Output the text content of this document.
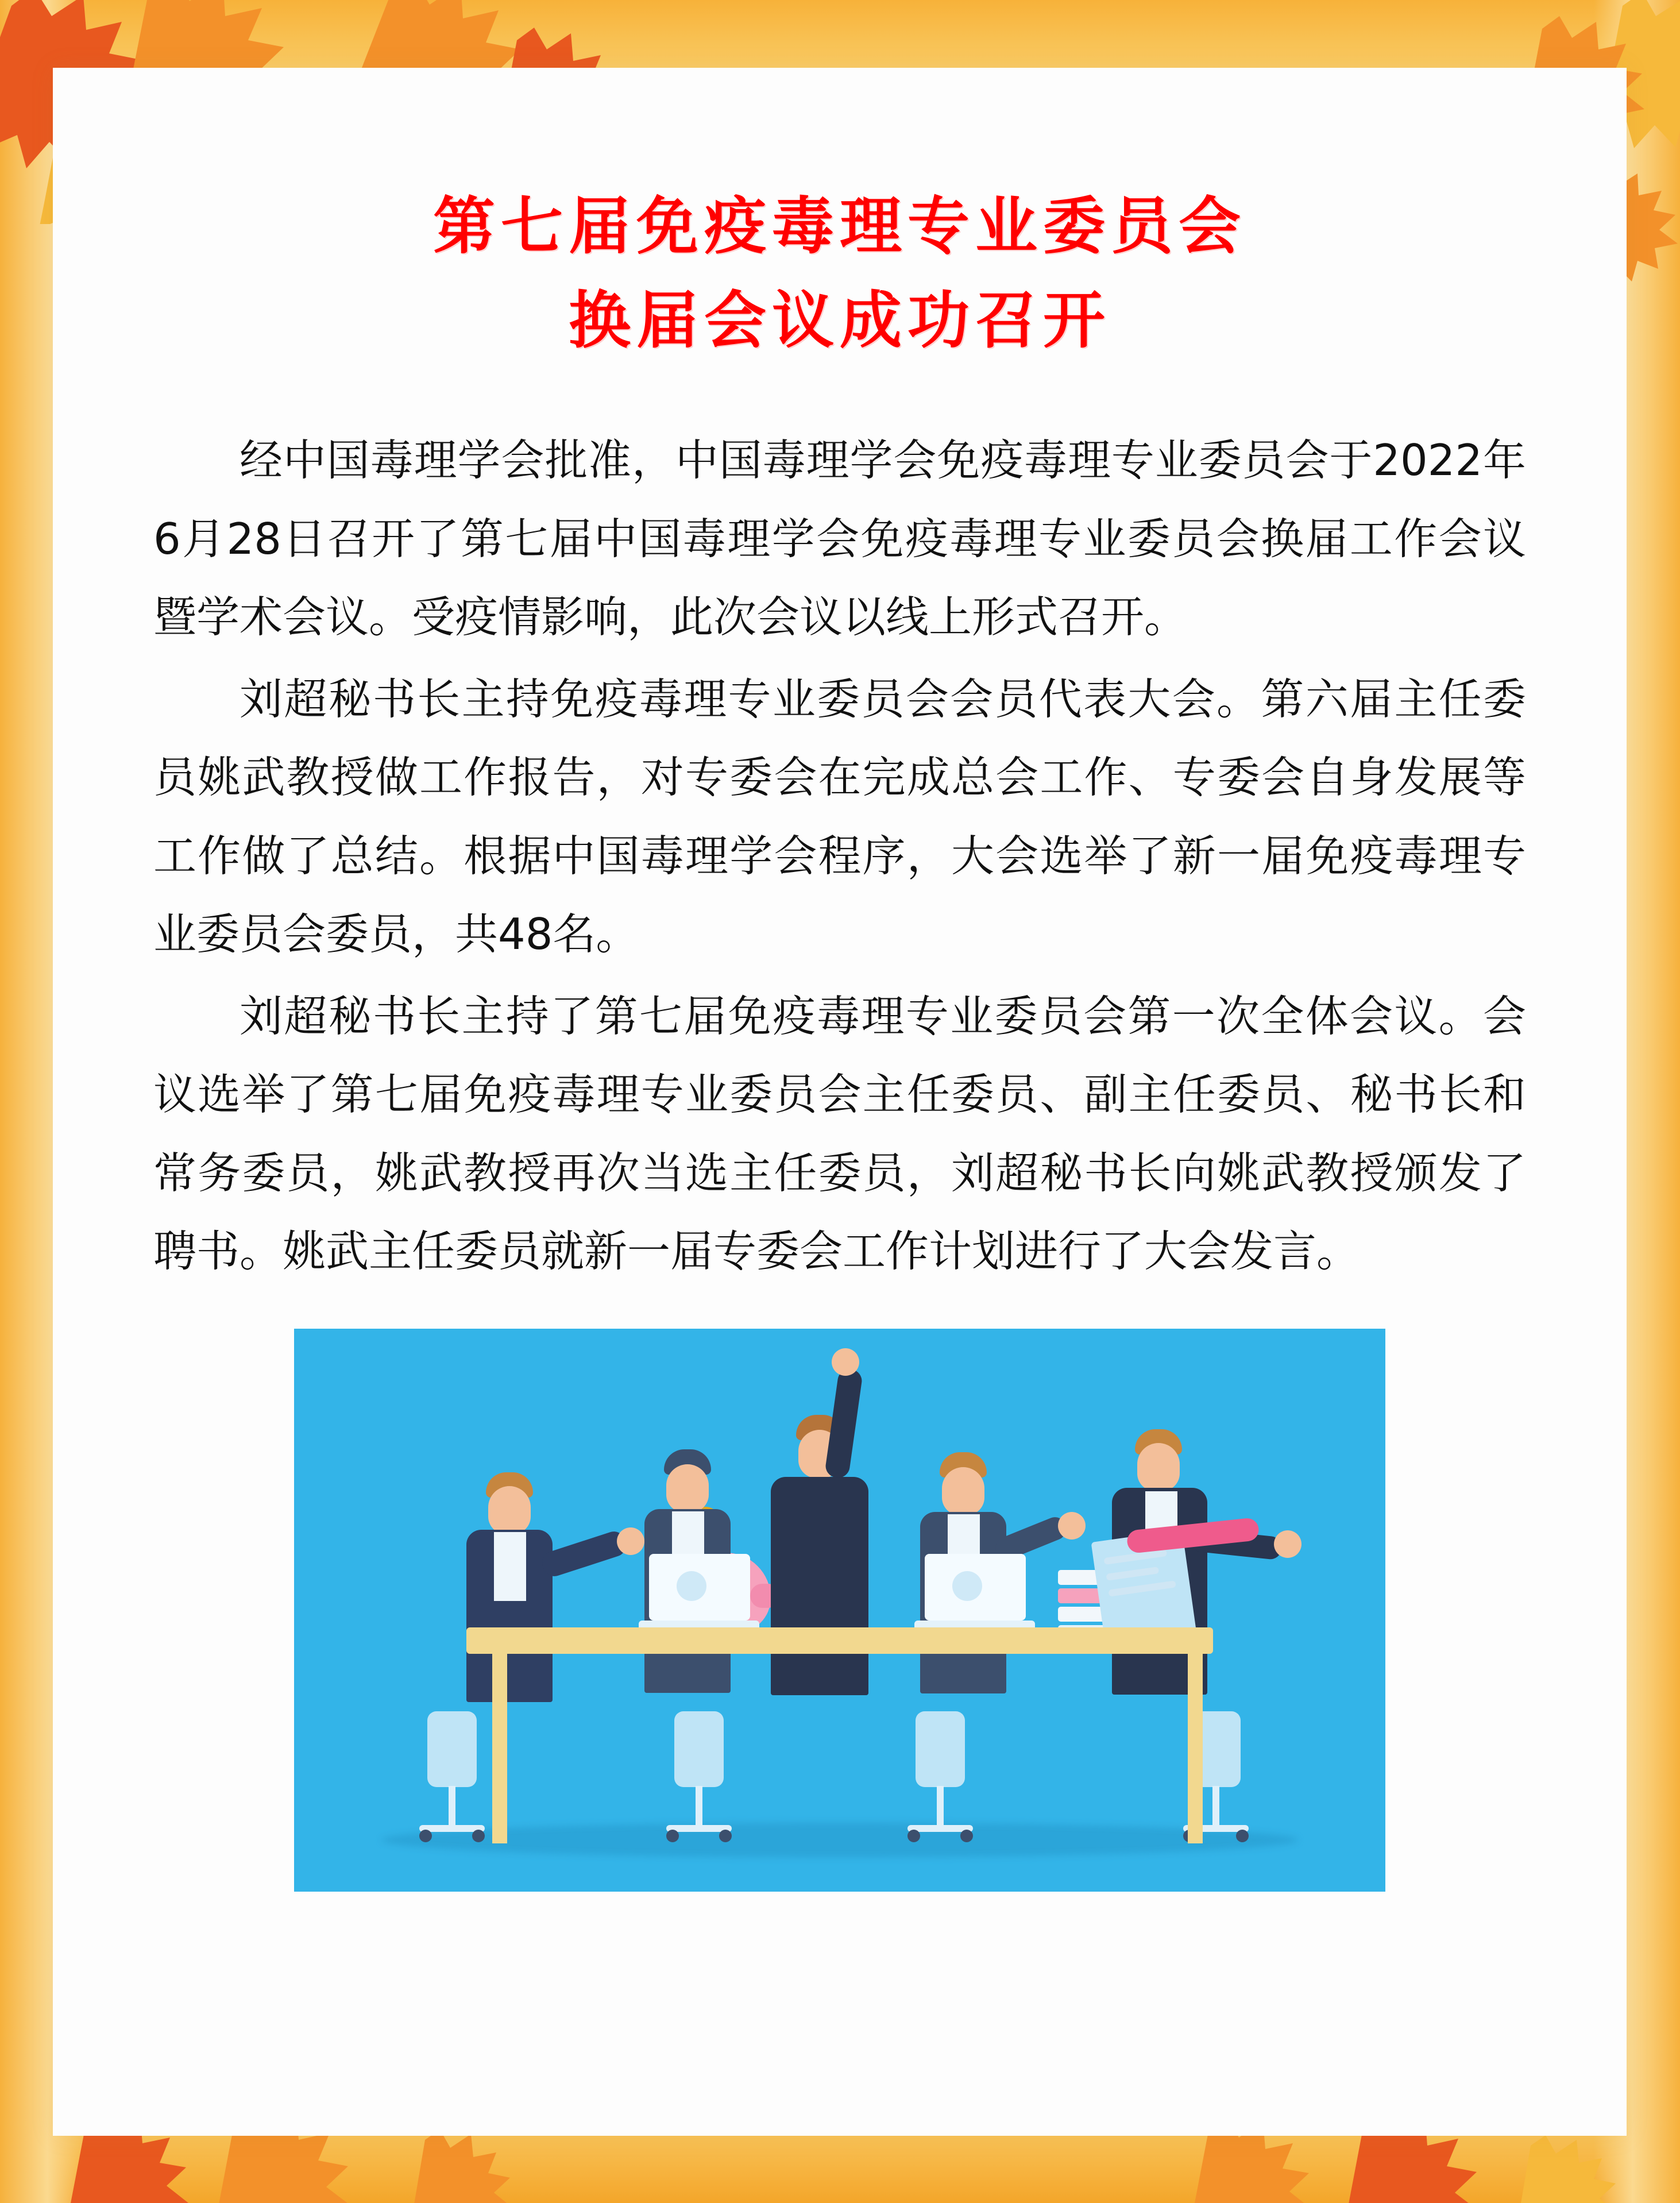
第七届免疫毒理专业委员会
换届会议成功召开

经中国毒理学会批准，中国毒理学会免疫毒理专业委员会于2022年6月28日召开了第七届中国毒理学会免疫毒理专业委员会换届工作会议暨学术会议。受疫情影响，此次会议以线上形式召开。

刘超秘书长主持免疫毒理专业委员会会员代表大会。第六届主任委员姚武教授做工作报告，对专委会在完成总会工作、专委会自身发展等工作做了总结。根据中国毒理学会程序，大会选举了新一届免疫毒理专业委员会委员，共48名。

刘超秘书长主持了第七届免疫毒理专业委员会第一次全体会议。会议选举了第七届免疫毒理专业委员会主任委员、副主任委员、秘书长和常务委员，姚武教授再次当选主任委员，刘超秘书长向姚武教授颁发了聘书。姚武主任委员就新一届专委会工作计划进行了大会发言。
